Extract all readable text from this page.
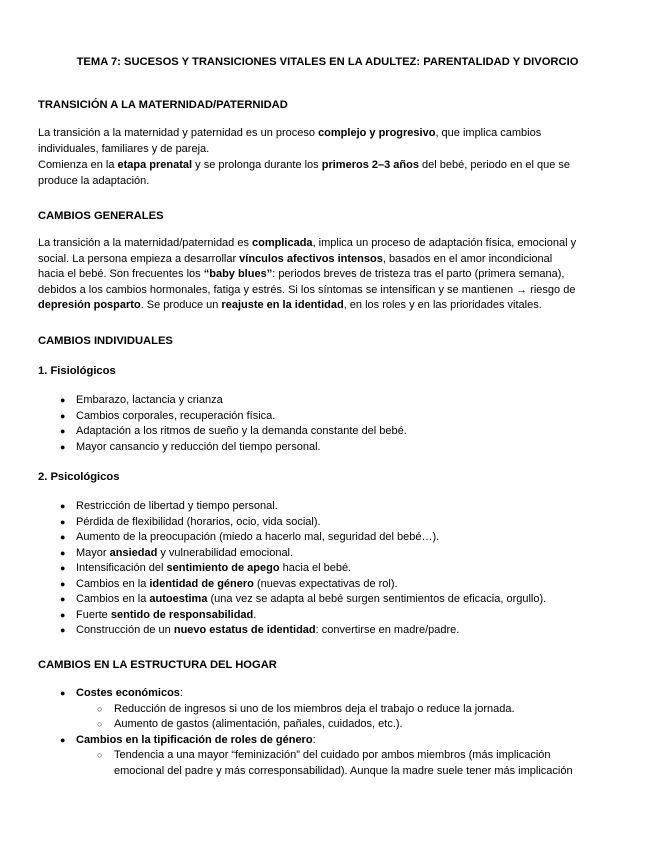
TEMA 7: SUCESOS Y TRANSICIONES VITALES EN LA ADULTEZ: PARENTALIDAD Y DIVORCIO
TRANSICIÓN A LA MATERNIDAD/PATERNIDAD
La transición a la maternidad y paternidad es un proceso complejo y progresivo, que implica cambios
individuales, familiares y de pareja.
Comienza en la etapa prenatal y se prolonga durante los primeros 2–3 años del bebé, periodo en el que se
produce la adaptación.
CAMBIOS GENERALES
La transición a la maternidad/paternidad es complicada, implica un proceso de adaptación física, emocional y
social. La persona empieza a desarrollar vínculos afectivos intensos, basados en el amor incondicional
hacia el bebé. Son frecuentes los “baby blues”: periodos breves de tristeza tras el parto (primera semana),
debidos a los cambios hormonales, fatiga y estrés. Si los síntomas se intensifican y se mantienen → riesgo de
depresión posparto. Se produce un reajuste en la identidad, en los roles y en las prioridades vitales.
CAMBIOS INDIVIDUALES
1. Fisiológicos
● Embarazo, lactancia y crianza
● Cambios corporales, recuperación física.
● Adaptación a los ritmos de sueño y la demanda constante del bebé.
● Mayor cansancio y reducción del tiempo personal.
2. Psicológicos
● Restricción de libertad y tiempo personal.
● Pérdida de flexibilidad (horarios, ocio, vida social).
● Aumento de la preocupación (miedo a hacerlo mal, seguridad del bebé…).
● Mayor ansiedad y vulnerabilidad emocional.
● Intensificación del sentimiento de apego hacia el bebé.
● Cambios en la identidad de género (nuevas expectativas de rol).
● Cambios en la autoestima (una vez se adapta al bebé surgen sentimientos de eficacia, orgullo).
● Fuerte sentido de responsabilidad.
● Construcción de un nuevo estatus de identidad: convertirse en madre/padre.
CAMBIOS EN LA ESTRUCTURA DEL HOGAR
● Costes económicos:
○ Reducción de ingresos si uno de los miembros deja el trabajo o reduce la jornada.
○ Aumento de gastos (alimentación, pañales, cuidados, etc.).
● Cambios en la tipificación de roles de género:
○ Tendencia a una mayor “feminización” del cuidado por ambos miembros (más implicación
emocional del padre y más corresponsabilidad). Aunque la madre suele tener más implicación
